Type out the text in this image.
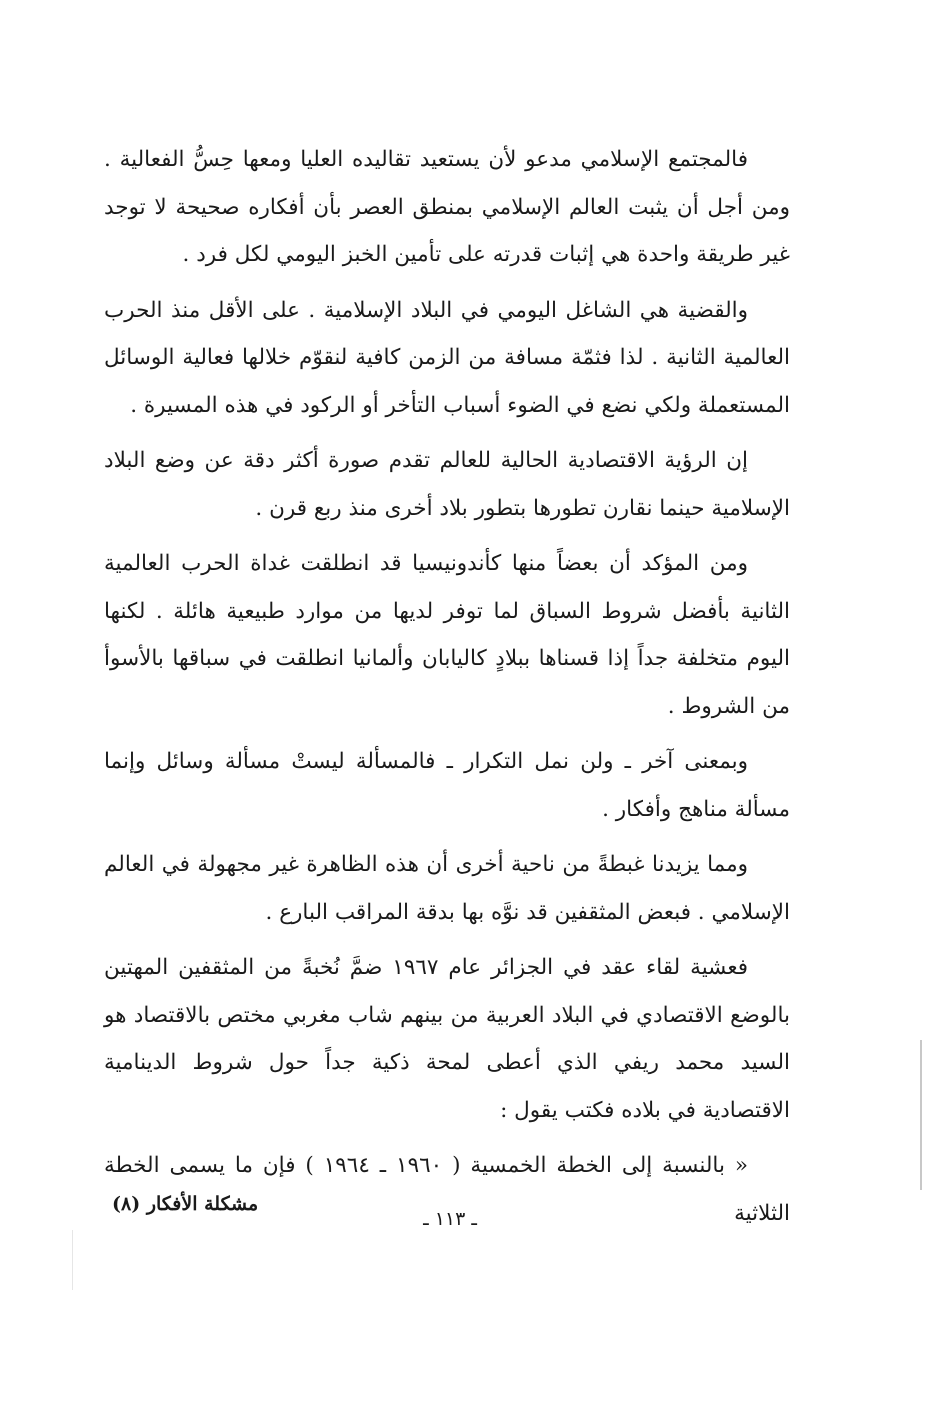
فالمجتمع الإسلامي مدعو لأن يستعيد تقاليده العليا ومعها حِسُّ الفعالية . ومن أجل أن يثبت العالم الإسلامي بمنطق العصر بأن أفكاره صحيحة لا توجد غير طريقة واحدة هي إثبات قدرته على تأمين الخبز اليومي لكل فرد .

والقضية هي الشاغل اليومي في البلاد الإسلامية . على الأقل منذ الحرب العالمية الثانية . لذا فثمّة مسافة من الزمن كافية لنقوّم خلالها فعالية الوسائل المستعملة ولكي نضع في الضوء أسباب التأخر أو الركود في هذه المسيرة .

إن الرؤية الاقتصادية الحالية للعالم تقدم صورة أكثر دقة عن وضع البلاد الإسلامية حينما نقارن تطورها بتطور بلاد أخرى منذ ربع قرن .

ومن المؤكد أن بعضاً منها كأندونيسيا قد انطلقت غداة الحرب العالمية الثانية بأفضل شروط السباق لما توفر لديها من موارد طبيعية هائلة . لكنها اليوم متخلفة جداً إذا قسناها ببلادٍ كاليابان وألمانيا انطلقت في سباقها بالأسوأ من الشروط .

وبمعنى آخر ـ ولن نمل التكرار ـ فالمسألة ليستْ مسألة وسائل وإنما مسألة مناهج وأفكار .

ومما يزيدنا غبطةً من ناحية أخرى أن هذه الظاهرة غير مجهولة في العالم الإسلامي . فبعض المثقفين قد نوَّه بها بدقة المراقب البارع .

فعشية لقاء عقد في الجزائر عام ١٩٦٧ ضمَّ نُخبةً من المثقفين المهتين بالوضع الاقتصادي في البلاد العربية من بينهم شاب مغربي مختص بالاقتصاد هو السيد محمد ريفي الذي أعطى لمحة ذكية جداً حول شروط الدينامية الاقتصادية في بلاده فكتب يقول :

« بالنسبة إلى الخطة الخمسية ( ١٩٦٠ ـ ١٩٦٤ ) فإن ما يسمى الخطة الثلاثية

مشكلة الأفكار (٨)
ـ ١١٣ ـ
